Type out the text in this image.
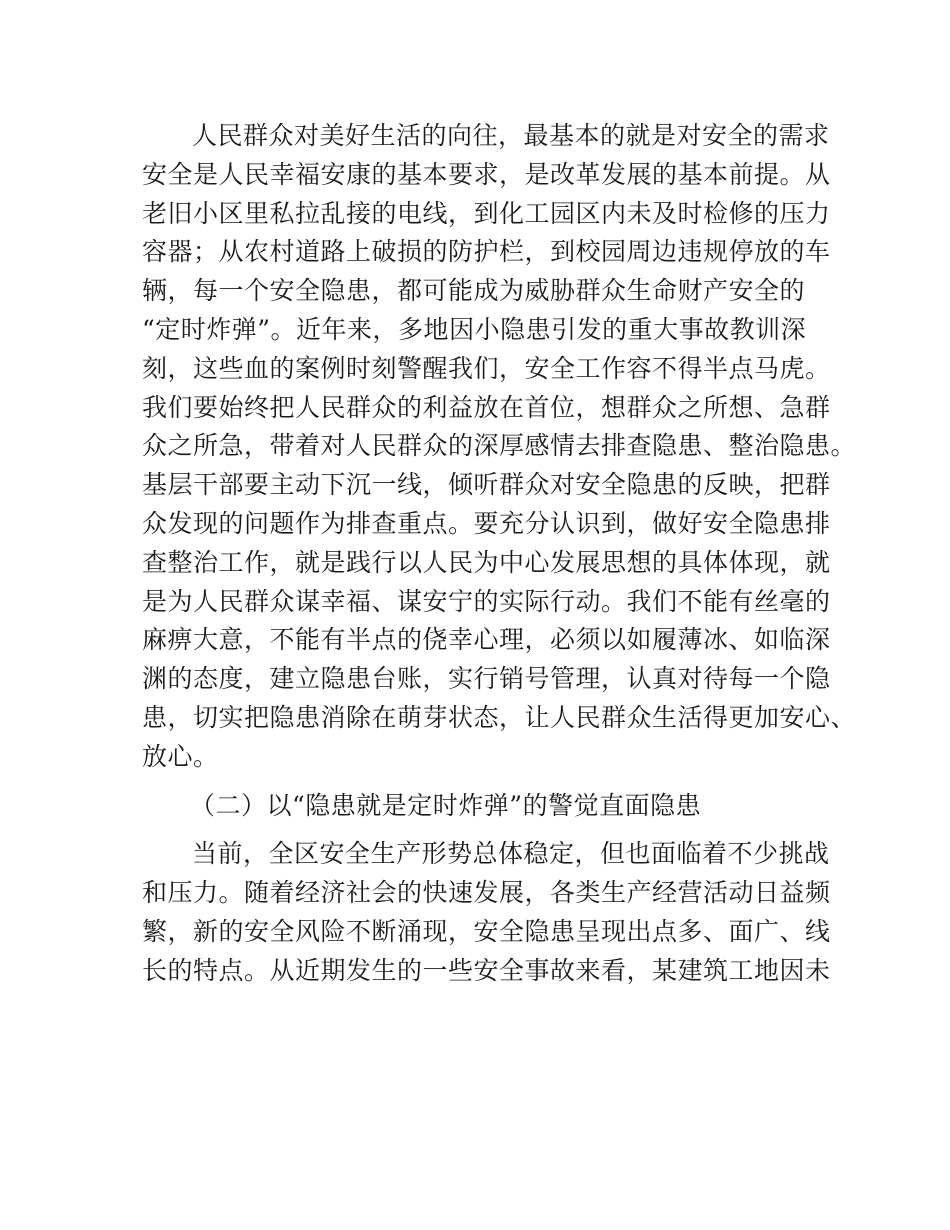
人民群众对美好生活的向往，最基本的就是对安全的需求
安全是人民幸福安康的基本要求，是改革发展的基本前提。从
老旧小区里私拉乱接的电线，到化工园区内未及时检修的压力
容器；从农村道路上破损的防护栏，到校园周边违规停放的车
辆，每一个安全隐患，都可能成为威胁群众生命财产安全的
“定时炸弹”。近年来，多地因小隐患引发的重大事故教训深
刻，这些血的案例时刻警醒我们，安全工作容不得半点马虎。
我们要始终把人民群众的利益放在首位，想群众之所想、急群
众之所急，带着对人民群众的深厚感情去排查隐患、整治隐患。
基层干部要主动下沉一线，倾听群众对安全隐患的反映，把群
众发现的问题作为排查重点。要充分认识到，做好安全隐患排
查整治工作，就是践行以人民为中心发展思想的具体体现，就
是为人民群众谋幸福、谋安宁的实际行动。我们不能有丝毫的
麻痹大意，不能有半点的侥幸心理，必须以如履薄冰、如临深
渊的态度，建立隐患台账，实行销号管理，认真对待每一个隐
患，切实把隐患消除在萌芽状态，让人民群众生活得更加安心、
放心。
（二）以“隐患就是定时炸弹”的警觉直面隐患
当前，全区安全生产形势总体稳定，但也面临着不少挑战
和压力。随着经济社会的快速发展，各类生产经营活动日益频
繁，新的安全风险不断涌现，安全隐患呈现出点多、面广、线
长的特点。从近期发生的一些安全事故来看，某建筑工地因未
